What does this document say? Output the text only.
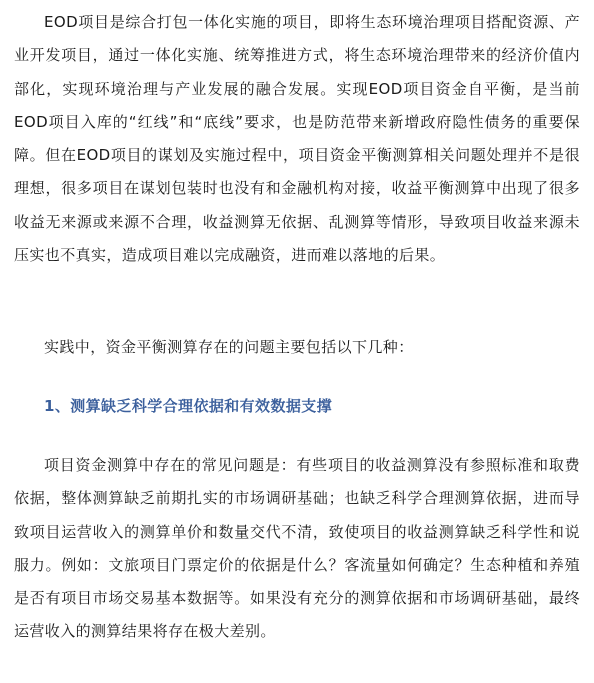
EOD项目是综合打包一体化实施的项目，即将生态环境治理项目搭配资源、产业开发项目，通过一体化实施、统筹推进方式，将生态环境治理带来的经济价值内部化，实现环境治理与产业发展的融合发展。实现EOD项目资金自平衡，是当前EOD项目入库的“红线”和“底线”要求，也是防范带来新增政府隐性债务的重要保障。但在EOD项目的谋划及实施过程中，项目资金平衡测算相关问题处理并不是很理想，很多项目在谋划包装时也没有和金融机构对接，收益平衡测算中出现了很多收益无来源或来源不合理，收益测算无依据、乱测算等情形，导致项目收益来源未压实也不真实，造成项目难以完成融资，进而难以落地的后果。

实践中，资金平衡测算存在的问题主要包括以下几种：

1、测算缺乏科学合理依据和有效数据支撑

项目资金测算中存在的常见问题是：有些项目的收益测算没有参照标准和取费依据，整体测算缺乏前期扎实的市场调研基础；也缺乏科学合理测算依据，进而导致项目运营收入的测算单价和数量交代不清，致使项目的收益测算缺乏科学性和说服力。例如：文旅项目门票定价的依据是什么？客流量如何确定？生态种植和养殖是否有项目市场交易基本数据等。如果没有充分的测算依据和市场调研基础，最终运营收入的测算结果将存在极大差别。
